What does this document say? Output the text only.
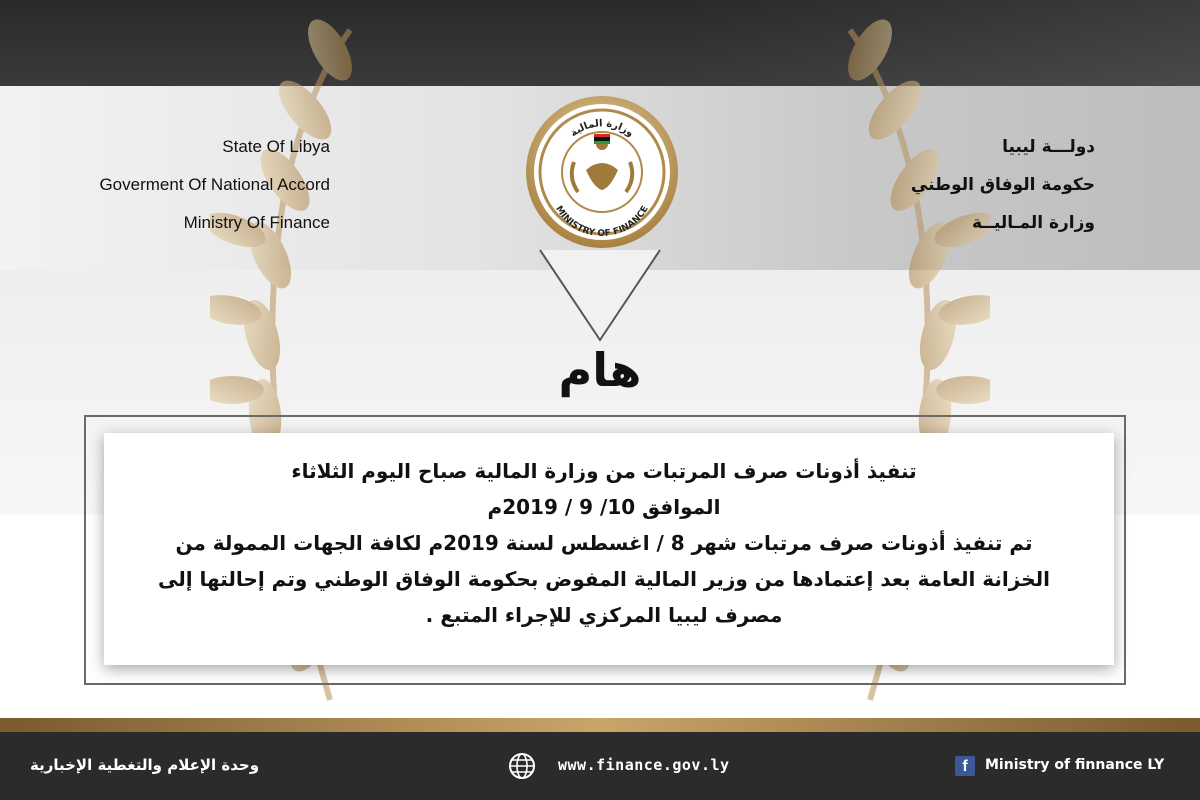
State Of Libya
Goverment Of National Accord
Ministry Of Finance
دولـــة ليبيا
حكومة الوفاق الوطني
وزارة المـاليــة
MINISTRY OF FINANCE
وزارة المالية
هام
تنفيذ أذونات صرف المرتبات من وزارة المالية صباح اليوم الثلاثاء
الموافق 10/ 9 / 2019م
تم تنفيذ أذونات صرف مرتبات شهر 8 / اغسطس لسنة 2019م لكافة الجهات الممولة من
الخزانة العامة بعد إعتمادها من وزير المالية المفوض بحكومة الوفاق الوطني وتم إحالتها إلى
مصرف ليبيا المركزي للإجراء المتبع .
وحدة الإعلام والتغطية الإخبارية	www.finance.gov.ly	f	Ministry of finnance LY
